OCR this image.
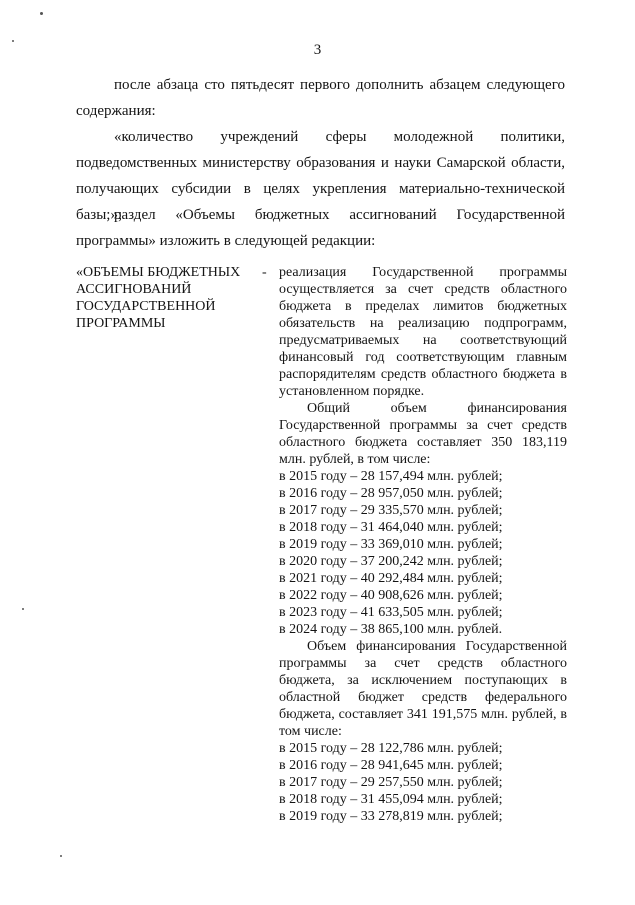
3

после абзаца сто пятьдесят первого дополнить абзацем следующего содержания:

«количество учреждений сферы молодежной политики, подведомственных министерству образования и науки Самарской области, получающих субсидии в целях укрепления материально-технической базы;»;

раздел «Объемы бюджетных ассигнований Государственной программы» изложить в следующей редакции:

«ОБЪЕМЫ БЮДЖЕТНЫХ АССИГНОВАНИЙ ГОСУДАРСТВЕННОЙ ПРОГРАММЫ
- реализация Государственной программы осуществляется за счет средств областного бюджета в пределах лимитов бюджетных обязательств на реализацию подпрограмм, предусматриваемых на соответствующий финансовый год соответствующим главным распорядителям средств областного бюджета в установленном порядке.

Общий объем финансирования Государственной программы за счет средств областного бюджета составляет 350 183,119 млн. рублей, в том числе:

в 2015 году – 28 157,494 млн. рублей;

в 2016 году – 28 957,050 млн. рублей;

в 2017 году – 29 335,570 млн. рублей;

в 2018 году – 31 464,040 млн. рублей;

в 2019 году – 33 369,010 млн. рублей;

в 2020 году – 37 200,242 млн. рублей;

в 2021 году – 40 292,484 млн. рублей;

в 2022 году – 40 908,626 млн. рублей;

в 2023 году – 41 633,505 млн. рублей;

в 2024 году – 38 865,100 млн. рублей.

Объем финансирования Государственной программы за счет средств областного бюджета, за исключением поступающих в областной бюджет средств федерального бюджета, составляет 341 191,575 млн. рублей, в том числе:

в 2015 году – 28 122,786 млн. рублей;

в 2016 году – 28 941,645 млн. рублей;

в 2017 году – 29 257,550 млн. рублей;

в 2018 году – 31 455,094 млн. рублей;

в 2019 году – 33 278,819 млн. рублей;
